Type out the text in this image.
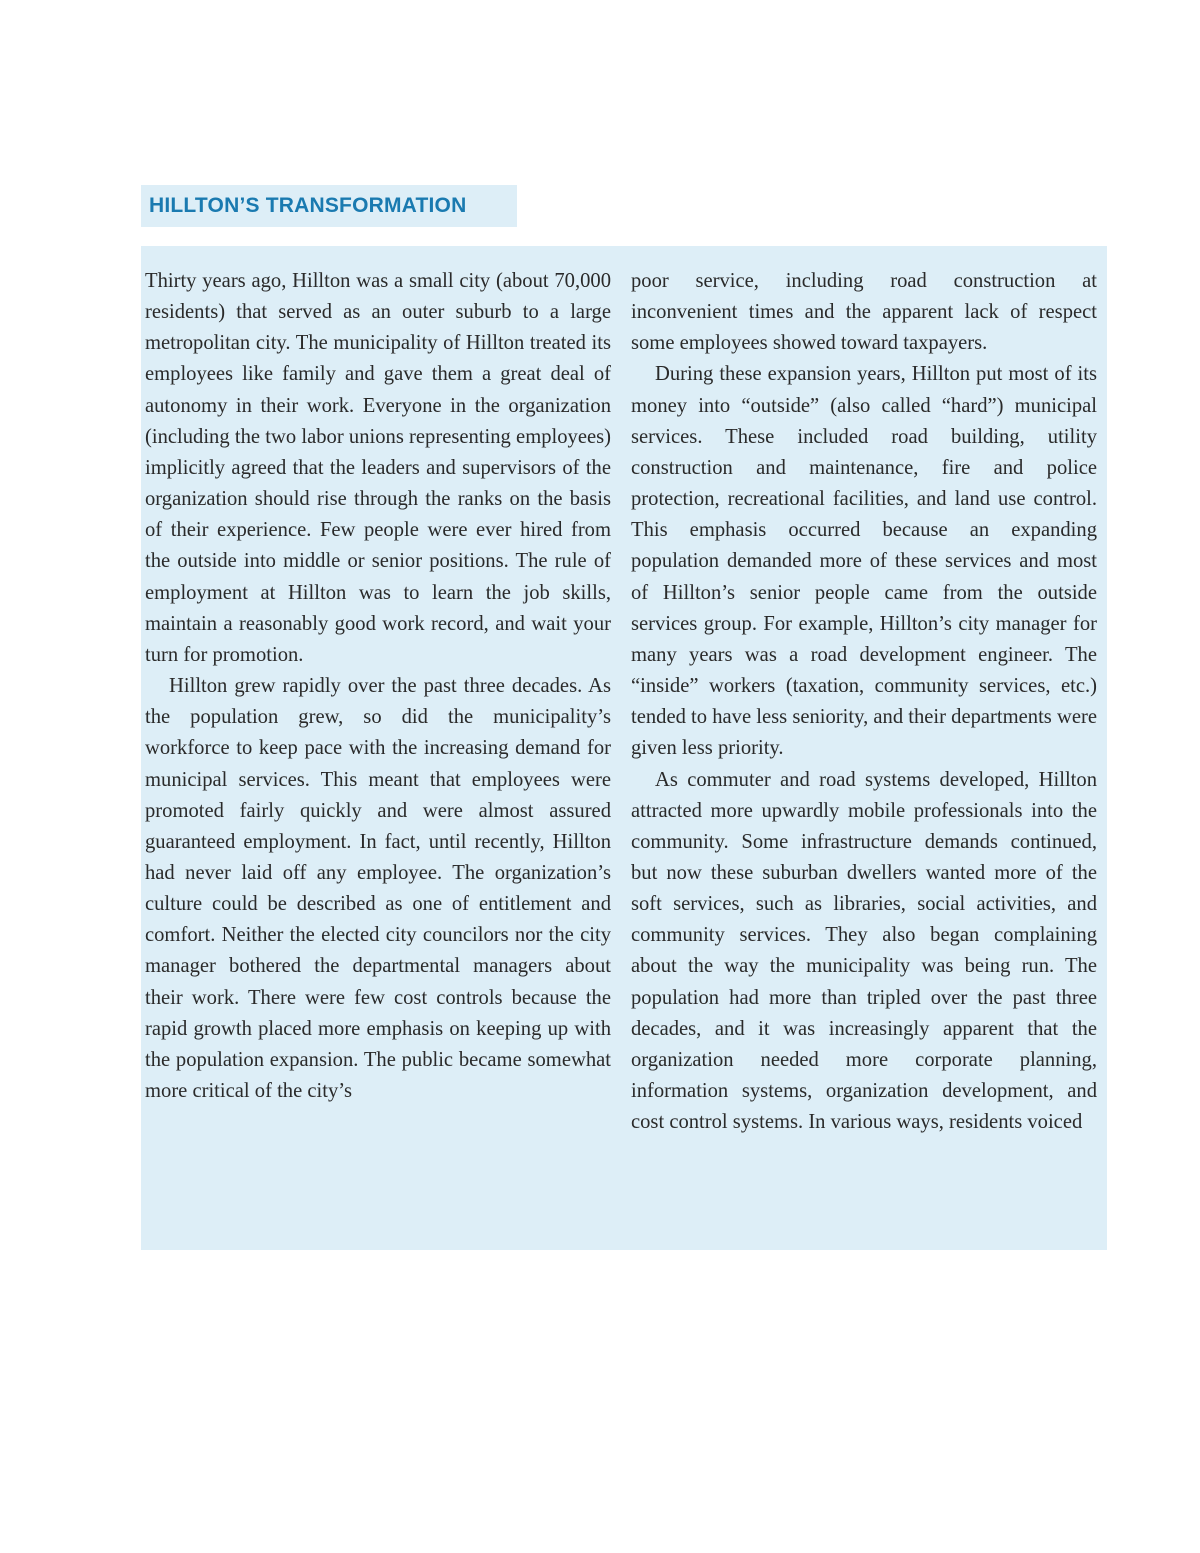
HILLTON’S TRANSFORMATION

Thirty years ago, Hillton was a small city (about 70,000 residents) that served as an outer suburb to a large metropolitan city. The municipality of Hillton treated its employees like family and gave them a great deal of autonomy in their work. Everyone in the organization (including the two labor unions representing employees) implicitly agreed that the leaders and supervisors of the organization should rise through the ranks on the basis of their experience. Few people were ever hired from the outside into middle or senior positions. The rule of employment at Hillton was to learn the job skills, maintain a reasonably good work record, and wait your turn for promotion.

Hillton grew rapidly over the past three decades. As the population grew, so did the municipality’s workforce to keep pace with the increasing demand for municipal services. This meant that employees were promoted fairly quickly and were almost assured guaranteed employment. In fact, until recently, Hillton had never laid off any employee. The organization’s culture could be described as one of entitlement and comfort. Neither the elected city councilors nor the city manager bothered the departmental managers about their work. There were few cost controls because the rapid growth placed more emphasis on keeping up with the population expansion. The public became somewhat more critical of the city’s

poor service, including road construction at inconvenient times and the apparent lack of respect some employees showed toward taxpayers.

During these expansion years, Hillton put most of its money into “outside” (also called “hard”) municipal services. These included road building, utility construction and maintenance, fire and police protection, recreational facilities, and land use control. This emphasis occurred because an expanding population demanded more of these services and most of Hillton’s senior people came from the outside services group. For example, Hillton’s city manager for many years was a road development engineer. The “inside” workers (taxation, community services, etc.) tended to have less seniority, and their departments were given less priority.

As commuter and road systems developed, Hillton attracted more upwardly mobile professionals into the community. Some infrastructure demands continued, but now these suburban dwellers wanted more of the soft services, such as libraries, social activities, and community services. They also began complaining about the way the municipality was being run. The population had more than tripled over the past three decades, and it was increasingly apparent that the organization needed more corporate planning, information systems, organization development, and cost control systems. In various ways, residents voiced
